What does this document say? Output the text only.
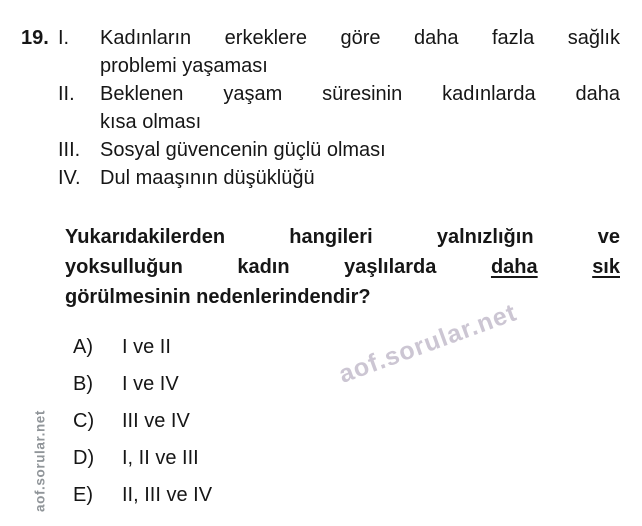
aof.sorular.net
aof.sorular.net
19. I.	Kadınların erkeklere göre daha fazla sağlık
problemi yaşaması
II.	Beklenen yaşam süresinin kadınlarda daha
kısa olması
III. Sosyal güvencenin güçlü olması
IV. Dul maaşının düşüklüğü
Yukarıdakilerden hangileri yalnızlığın ve
yoksulluğun kadın yaşlılarda	daha	sık
görülmesinin nedenlerindendir?
A)	I ve II
B)	I ve IV
C)	III ve IV
D)	I, II ve III
E)	II, III ve IV
